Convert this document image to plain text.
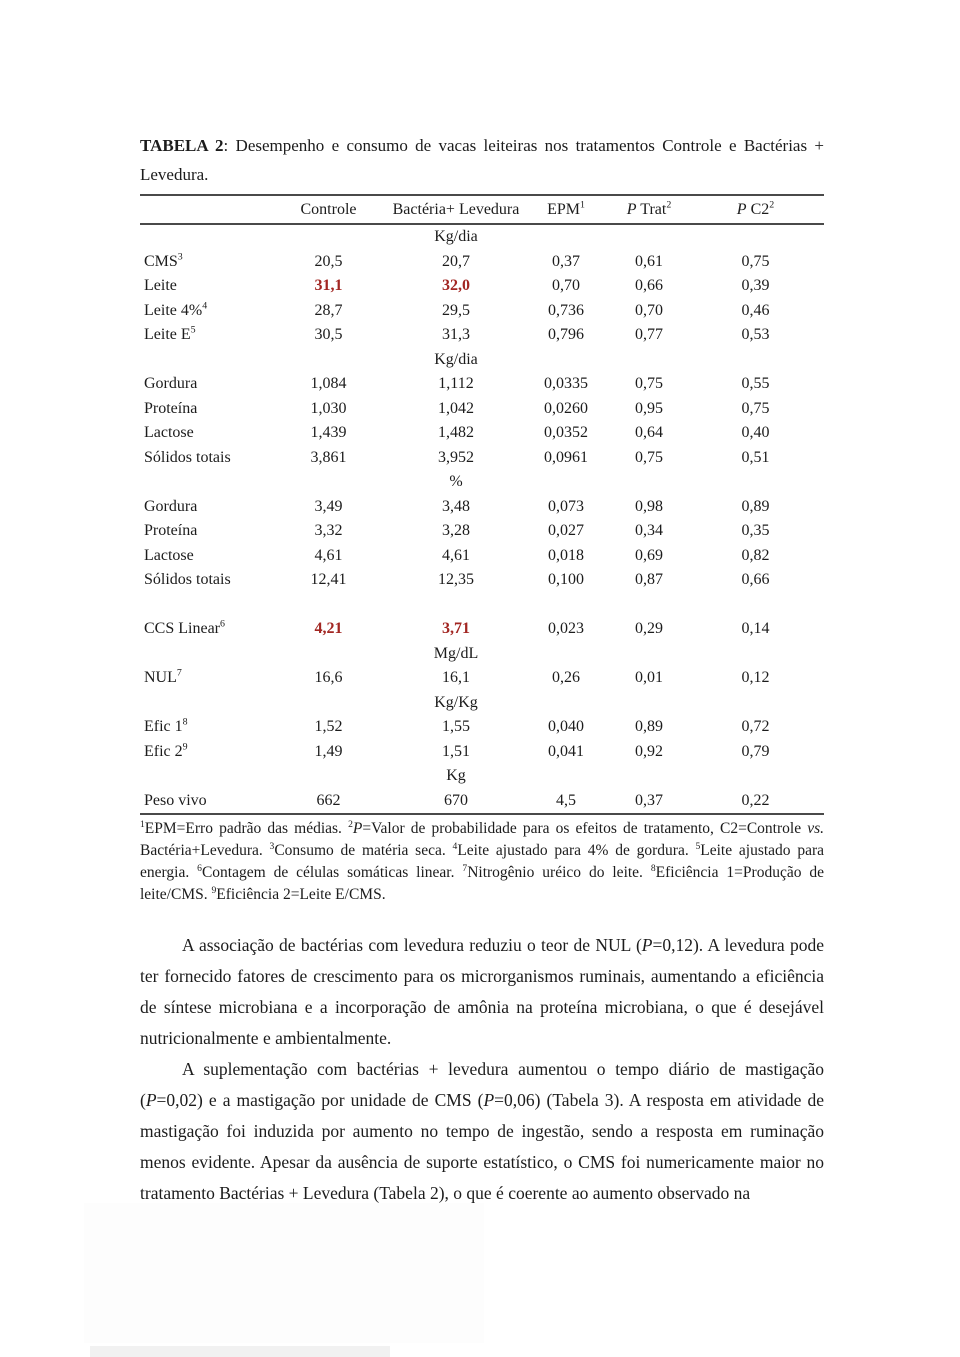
TABELA 2: Desempenho e consumo de vacas leiteiras nos tratamentos Controle e Bactérias + Levedura.

	Controle	Bactéria+ Levedura	EPM$^1$	P Trat$^2$	P $C2^2$
		Kg/dia			
CMS$^3$	20,5	20,7	0,37	0,61	0,75
Leite	31,1	32,0	0,70	0,66	0,39
Leite 4%$^4$	28,7	29,5	0,736	0,70	0,46
Leite $E^5$	30,5	31,3	0,796	0,77	0,53
		Kg/dia			
Gordura	1,084	1,112	0,0335	0,75	0,55
Proteína	1,030	1,042	0,0260	0,95	0,75
Lactose	1,439	1,482	0,0352	0,64	0,40
Sólidos totais	3,861	3,952	0,0961	0,75	0,51
		%			
Gordura	3,49	3,48	0,073	0,98	0,89
Proteína	3,32	3,28	0,027	0,34	0,35
Lactose	4,61	4,61	0,018	0,69	0,82
Sólidos totais	12,41	12,35	0,100	0,87	0,66

CCS Linear$^6$	4,21	3,71	0,023	0,29	0,14
		Mg/dL			
NUL$^7$	16,6	16,1	0,26	0,01	0,12
		Kg/Kg			
Efic $1^8$	1,52	1,55	0,040	0,89	0,72
Efic $2^9$	1,49	1,51	0,041	0,92	0,79
		Kg			
Peso vivo	662	670	4,5	0,37	0,22
$^1$EPM=Erro padrão das médias. $^2$P=Valor de probabilidade para os efeitos de tratamento, C2=Controle vs. Bactéria+Levedura. $^3$Consumo de matéria seca. $^4$Leite ajustado para 4% de gordura. $^5$Leite ajustado para energia. $^6$Contagem de células somáticas linear. $^7$Nitrogênio uréico do leite. $^8$Eficiência 1=Produção de leite/CMS. $^9$Eficiência 2=Leite E/CMS.

A associação de bactérias com levedura reduziu o teor de NUL (P=0,12). A levedura pode ter fornecido fatores de crescimento para os microrganismos ruminais, aumentando a eficiência de síntese microbiana e a incorporação de amônia na proteína microbiana, o que é desejável nutricionalmente e ambientalmente.

A suplementação com bactérias + levedura aumentou o tempo diário de mastigação (P=0,02) e a mastigação por unidade de CMS (P=0,06) (Tabela 3). A resposta em atividade de mastigação foi induzida por aumento no tempo de ingestão, sendo a resposta em ruminação menos evidente. Apesar da ausência de suporte estatístico, o CMS foi numericamente maior no tratamento Bactérias + Levedura (Tabela 2), o que é coerente ao aumento observado na
